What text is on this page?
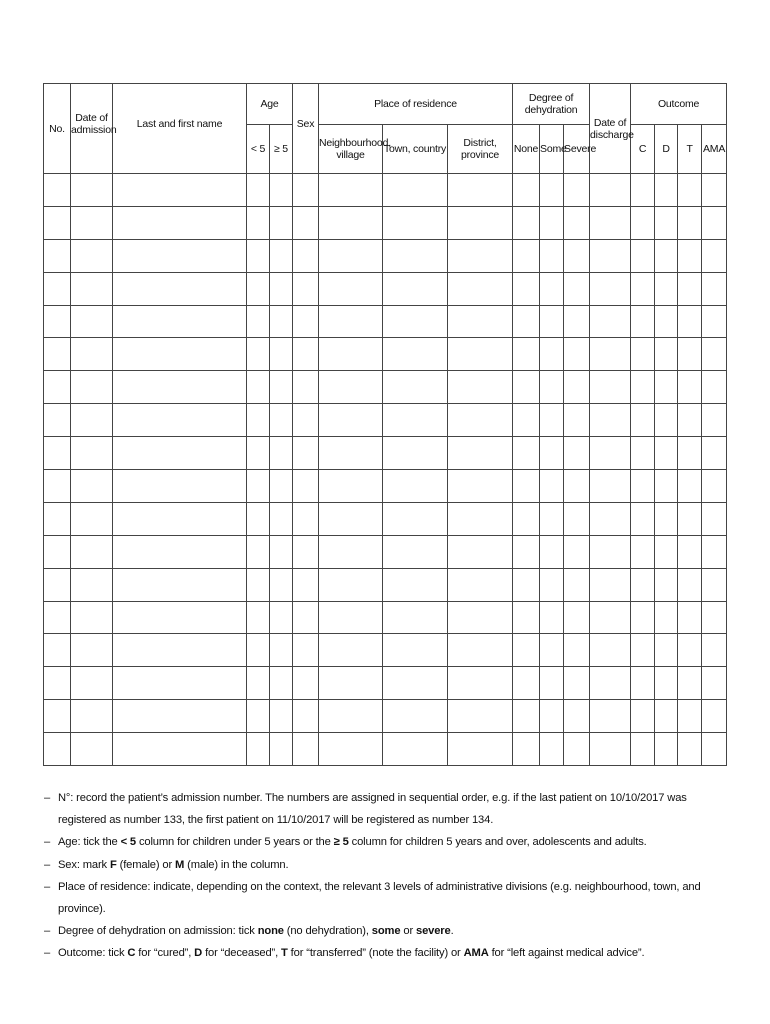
No.	Date of admission	Last and first name	Age		Sex	Place of residence			Degree of dehydration			Date of discharge	Outcome			
			< 5	≥ 5		Neighbourhood, village	Town, country	District, province	None	Some	Severe		C	D	T	AMA

– N°: record the patient’s admission number. The numbers are assigned in sequential order, e.g. if the last patient on 10/10/2017 was registered as number 133, the first patient on 11/10/2017 will be registered as number 134.
– Age: tick the < 5 column for children under 5 years or the ≥ 5 column for children 5 years and over, adolescents and adults.
– Sex: mark F (female) or M (male) in the column.
– Place of residence: indicate, depending on the context, the relevant 3 levels of administrative divisions (e.g. neighbourhood, town, and province).
– Degree of dehydration on admission: tick none (no dehydration), some or severe.
– Outcome: tick C for “cured”, D for “deceased”, T for “transferred” (note the facility) or AMA for “left against medical advice”.
